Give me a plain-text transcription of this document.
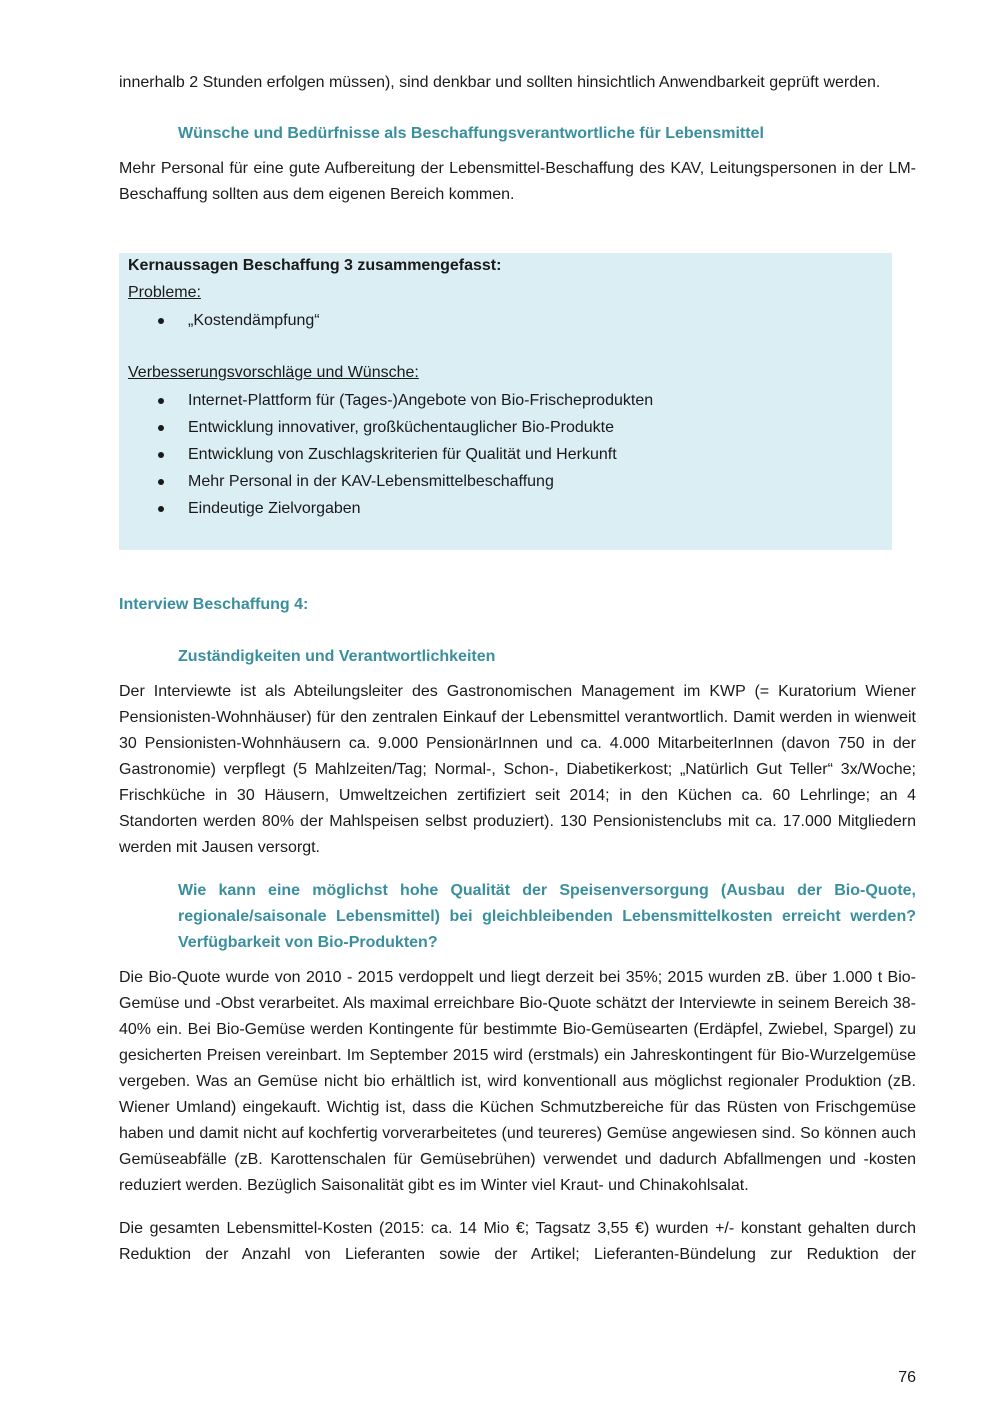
innerhalb 2 Stunden erfolgen müssen), sind denkbar und sollten hinsichtlich Anwendbarkeit geprüft werden.

Wünsche und Bedürfnisse als Beschaffungsverantwortliche für Lebensmittel

Mehr Personal für eine gute Aufbereitung der Lebensmittel-Beschaffung des KAV, Leitungspersonen in der LM-Beschaffung sollten aus dem eigenen Bereich kommen.

Kernaussagen Beschaffung 3 zusammengefasst:
Probleme:
„Kostendämpfung“
Verbesserungsvorschläge und Wünsche:
Internet-Plattform für (Tages-)Angebote von Bio-Frischeprodukten
Entwicklung innovativer, großküchentauglicher Bio-Produkte
Entwicklung von Zuschlagskriterien für Qualität und Herkunft
Mehr Personal in der KAV-Lebensmittelbeschaffung
Eindeutige Zielvorgaben

Interview Beschaffung 4:

Zuständigkeiten und Verantwortlichkeiten

Der Interviewte ist als Abteilungsleiter des Gastronomischen Management im KWP (= Kuratorium Wiener Pensionisten-Wohnhäuser) für den zentralen Einkauf der Lebensmittel verantwortlich. Damit werden in wienweit 30 Pensionisten-Wohnhäusern ca. 9.000 PensionärInnen und ca. 4.000 MitarbeiterInnen (davon 750 in der Gastronomie) verpflegt (5 Mahlzeiten/Tag; Normal-, Schon-, Diabetikerkost; „Natürlich Gut Teller“ 3x/Woche; Frischküche in 30 Häusern, Umweltzeichen zertifiziert seit 2014; in den Küchen ca. 60 Lehrlinge; an 4 Standorten werden 80% der Mahlspeisen selbst produziert). 130 Pensionistenclubs mit ca. 17.000 Mitgliedern werden mit Jausen versorgt.

Wie kann eine möglichst hohe Qualität der Speisenversorgung (Ausbau der Bio-Quote, regionale/saisonale Lebensmittel) bei gleichbleibenden Lebensmittelkosten erreicht werden? Verfügbarkeit von Bio-Produkten?

Die Bio-Quote wurde von 2010 - 2015 verdoppelt und liegt derzeit bei 35%; 2015 wurden zB. über 1.000 t Bio-Gemüse und -Obst verarbeitet. Als maximal erreichbare Bio-Quote schätzt der Interviewte in seinem Bereich 38-40% ein. Bei Bio-Gemüse werden Kontingente für bestimmte Bio-Gemüsearten (Erdäpfel, Zwiebel, Spargel) zu gesicherten Preisen vereinbart. Im September 2015 wird (erstmals) ein Jahreskontingent für Bio-Wurzelgemüse vergeben. Was an Gemüse nicht bio erhältlich ist, wird konventionall aus möglichst regionaler Produktion (zB. Wiener Umland) eingekauft. Wichtig ist, dass die Küchen Schmutzbereiche für das Rüsten von Frischgemüse haben und damit nicht auf kochfertig vorverarbeitetes (und teureres) Gemüse angewiesen sind. So können auch Gemüseabfälle (zB. Karottenschalen für Gemüsebrühen) verwendet und dadurch Abfallmengen und -kosten reduziert werden. Bezüglich Saisonalität gibt es im Winter viel Kraut- und Chinakohlsalat.

Die gesamten Lebensmittel-Kosten (2015: ca. 14 Mio €; Tagsatz 3,55 €) wurden +/- konstant gehalten durch Reduktion der Anzahl von Lieferanten sowie der Artikel; Lieferanten-Bündelung zur Reduktion der

76
